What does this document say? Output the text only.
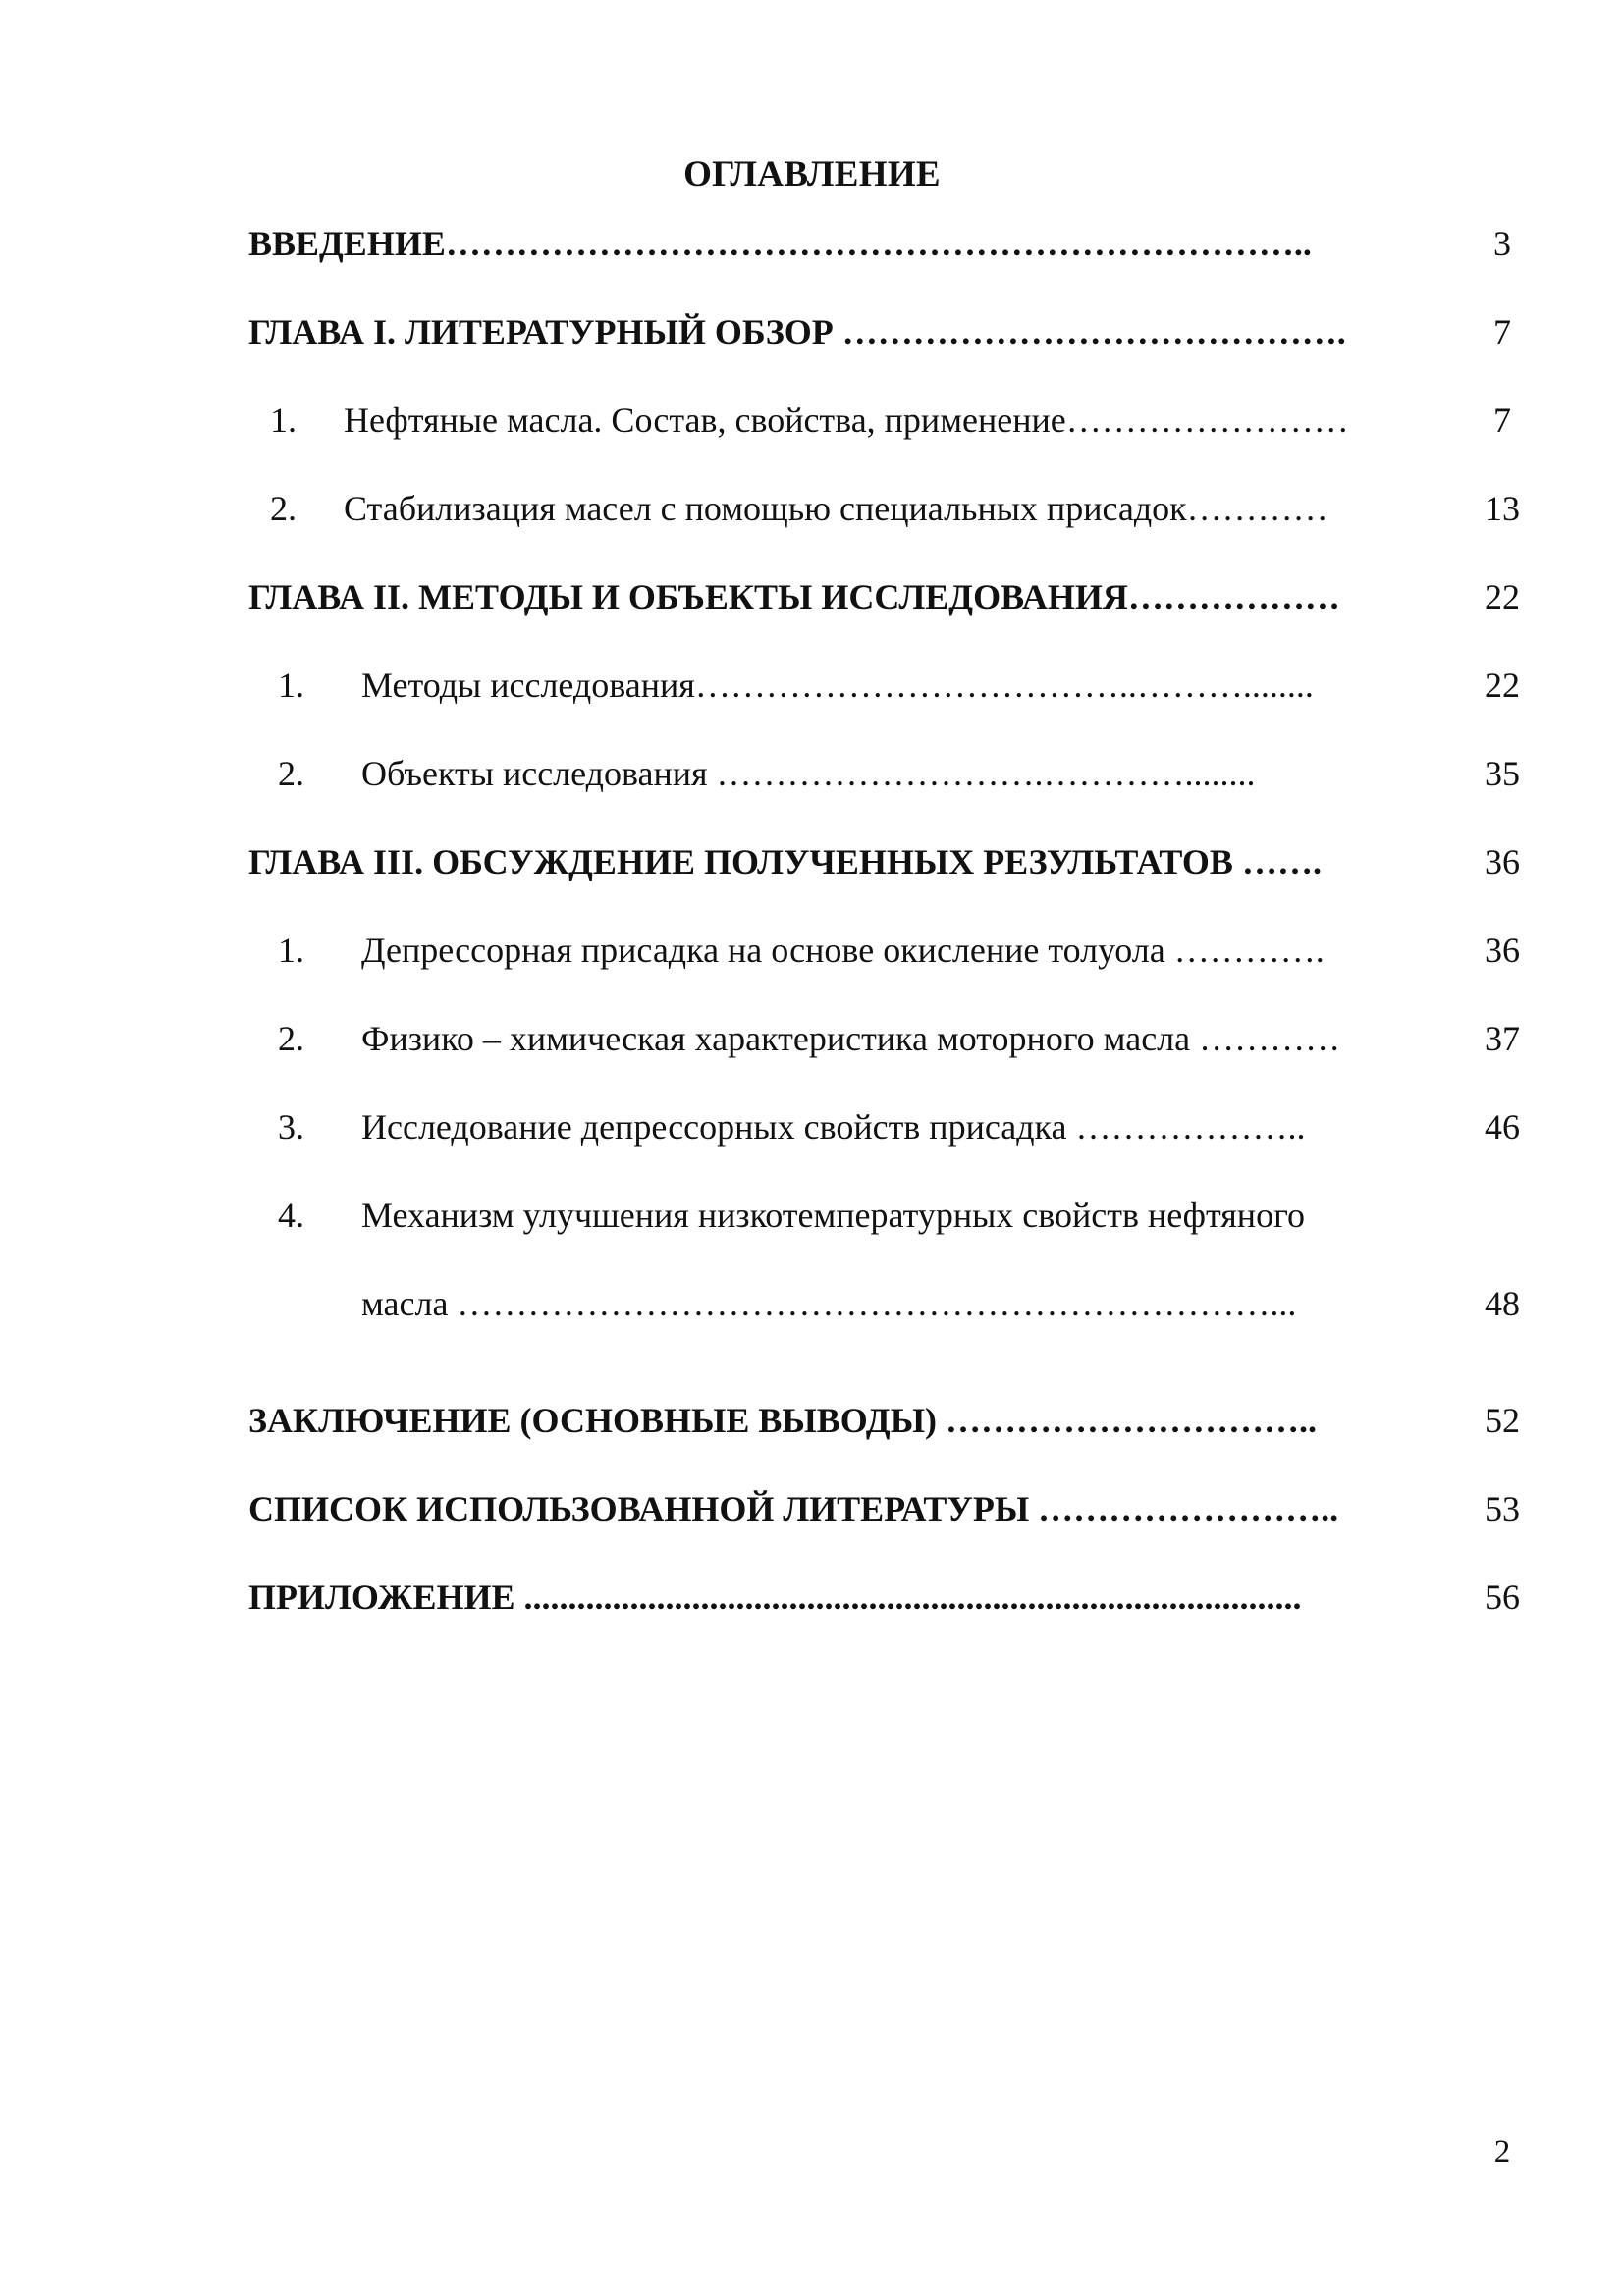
ОГЛАВЛЕНИЕ
ВВЕДЕНИЕ………………………………………………………………..	3
ГЛАВА I. ЛИТЕРАТУРНЫЙ ОБЗОР …………………………………….	7
1. Нефтяные масла. Состав, свойства, применение……………………	7
2. Стабилизация масел с помощью специальных присадок…………	13
ГЛАВА II. МЕТОДЫ И ОБЪЕКТЫ ИССЛЕДОВАНИЯ………………	22
1. Методы исследования………………………………..………........	22
2. Объекты исследования ……………………….…………........	35
ГЛАВА III. ОБСУЖДЕНИЕ ПОЛУЧЕННЫХ РЕЗУЛЬТАТОВ …….	36
1. Депрессорная присадка на основе окисление толуола ………….	36
2. Физико – химическая характеристика моторного масла …………	37
3. Исследование депрессорных свойств присадка ………………..	46
4. Механизм улучшения низкотемпературных свойств нефтяного
масла ……………………………………………………………...	48
ЗАКЛЮЧЕНИЕ (ОСНОВНЫЕ ВЫВОДЫ) …………………………..	52
СПИСОК ИСПОЛЬЗОВАННОЙ ЛИТЕРАТУРЫ ……………………..	53
ПРИЛОЖЕНИЕ ........................................................................................	56
2
